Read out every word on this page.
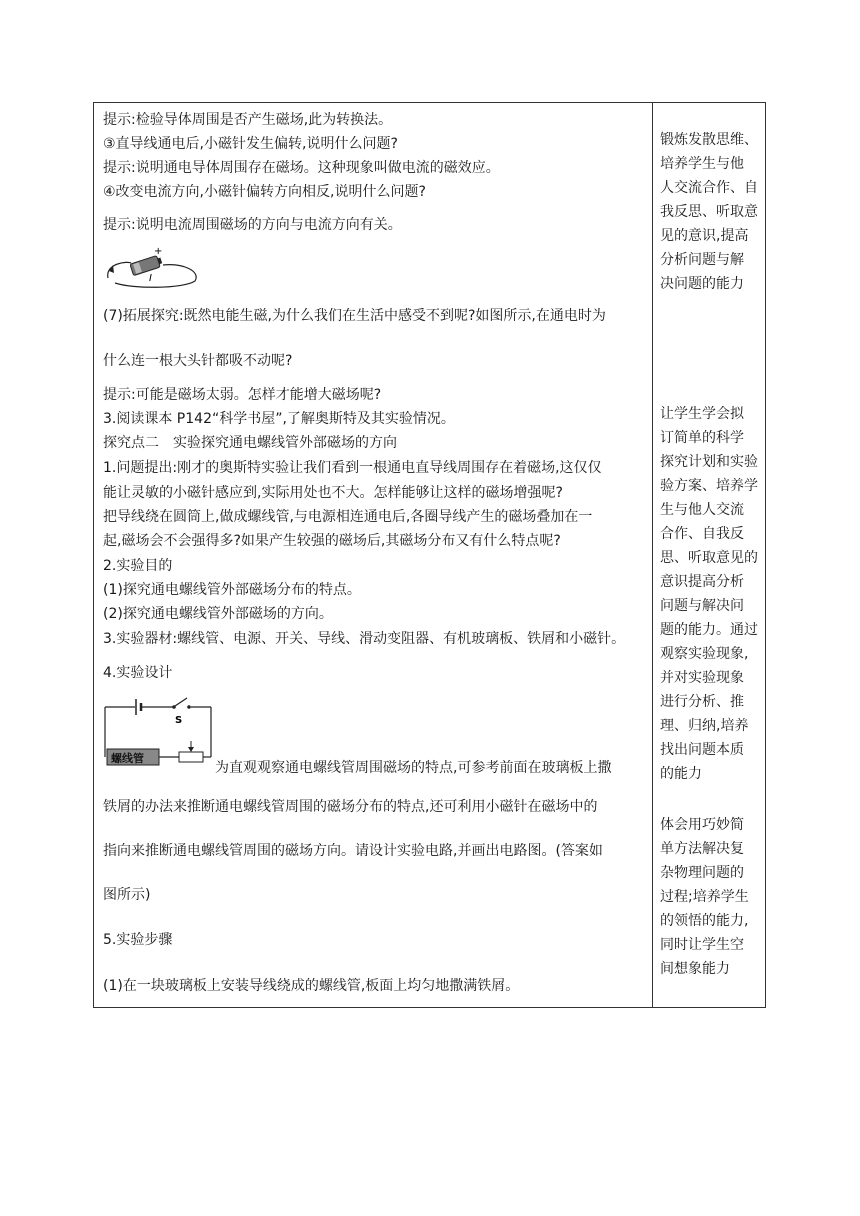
提示:检验导体周围是否产生磁场,此为转换法。
③直导线通电后,小磁针发生偏转,说明什么问题?
提示:说明通电导体周围存在磁场。这种现象叫做电流的磁效应。
④改变电流方向,小磁针偏转方向相反,说明什么问题?
提示:说明电流周围磁场的方向与电流方向有关。
+
I
(7)拓展探究:既然电能生磁,为什么我们在生活中感受不到呢?如图所示,在通电时为
什么连一根大头针都吸不动呢?
提示:可能是磁场太弱。怎样才能增大磁场呢?
3.阅读课本 P142“科学书屋”,了解奥斯特及其实验情况。
探究点二　实验探究通电螺线管外部磁场的方向
1.问题提出:刚才的奥斯特实验让我们看到一根通电直导线周围存在着磁场,这仅仅
能让灵敏的小磁针感应到,实际用处也不大。怎样能够让这样的磁场增强呢?
把导线绕在圆筒上,做成螺线管,与电源相连通电后,各圈导线产生的磁场叠加在一
起,磁场会不会强得多?如果产生较强的磁场后,其磁场分布又有什么特点呢?
2.实验目的
(1)探究通电螺线管外部磁场分布的特点。
(2)探究通电螺线管外部磁场的方向。
3.实验器材:螺线管、电源、开关、导线、滑动变阻器、有机玻璃板、铁屑和小磁针。
4.实验设计
S
螺线管
为直观观察通电螺线管周围磁场的特点,可参考前面在玻璃板上撒
铁屑的办法来推断通电螺线管周围的磁场分布的特点,还可利用小磁针在磁场中的
指向来推断通电螺线管周围的磁场方向。请设计实验电路,并画出电路图。(答案如
图所示)
5.实验步骤
(1)在一块玻璃板上安装导线绕成的螺线管,板面上均匀地撒满铁屑。
锻炼发散思维、
培养学生与他
人交流合作、自
我反思、听取意
见的意识,提高
分析问题与解
决问题的能力
让学生学会拟
订简单的科学
探究计划和实验
验方案、培养学
生与他人交流
合作、自我反
思、听取意见的
意识提高分析
问题与解决问
题的能力。通过
观察实验现象,
并对实验现象
进行分析、推
理、归纳,培养
找出问题本质
的能力
体会用巧妙简
单方法解决复
杂物理问题的
过程;培养学生
的领悟的能力,
同时让学生空
间想象能力
